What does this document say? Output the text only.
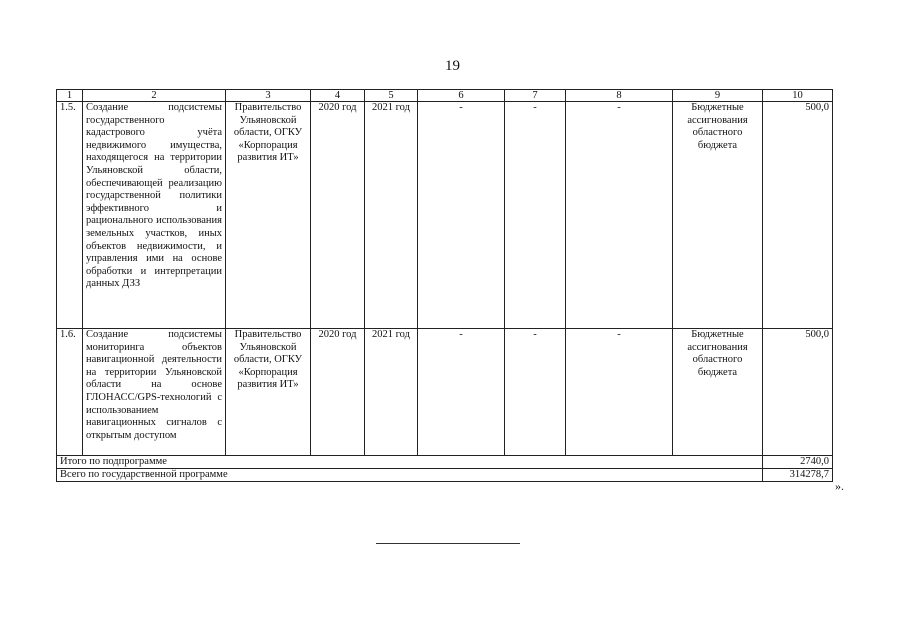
19
1	2	3	4	5	6	7	8	9	10
1.5.	Создание подсистемы государственного кадастрового учёта недвижимого имущества, находящегося на территории Ульяновской области, обеспечивающей реализацию государственной политики эффективного и рационального использования земельных участков, иных объектов недвижимости, и управления ими на основе обработки и интерпретации данных ДЗЗ	Правительство Ульяновской области, ОГКУ «Корпорация развития ИТ»	2020 год	2021 год	-	-	-	Бюджетные ассигнования областного бюджета	500,0
1.6.	Создание подсистемы мониторинга объектов навигационной деятельности на территории Ульяновской области на основе ГЛОНАСС/GPS-технологий с использованием навигационных сигналов с открытым доступом	Правительство Ульяновской области, ОГКУ «Корпорация развития ИТ»	2020 год	2021 год	-	-	-	Бюджетные ассигнования областного бюджета	500,0
Итого по подпрограмме									2740,0
Всего по государственной программе									314278,7
».
